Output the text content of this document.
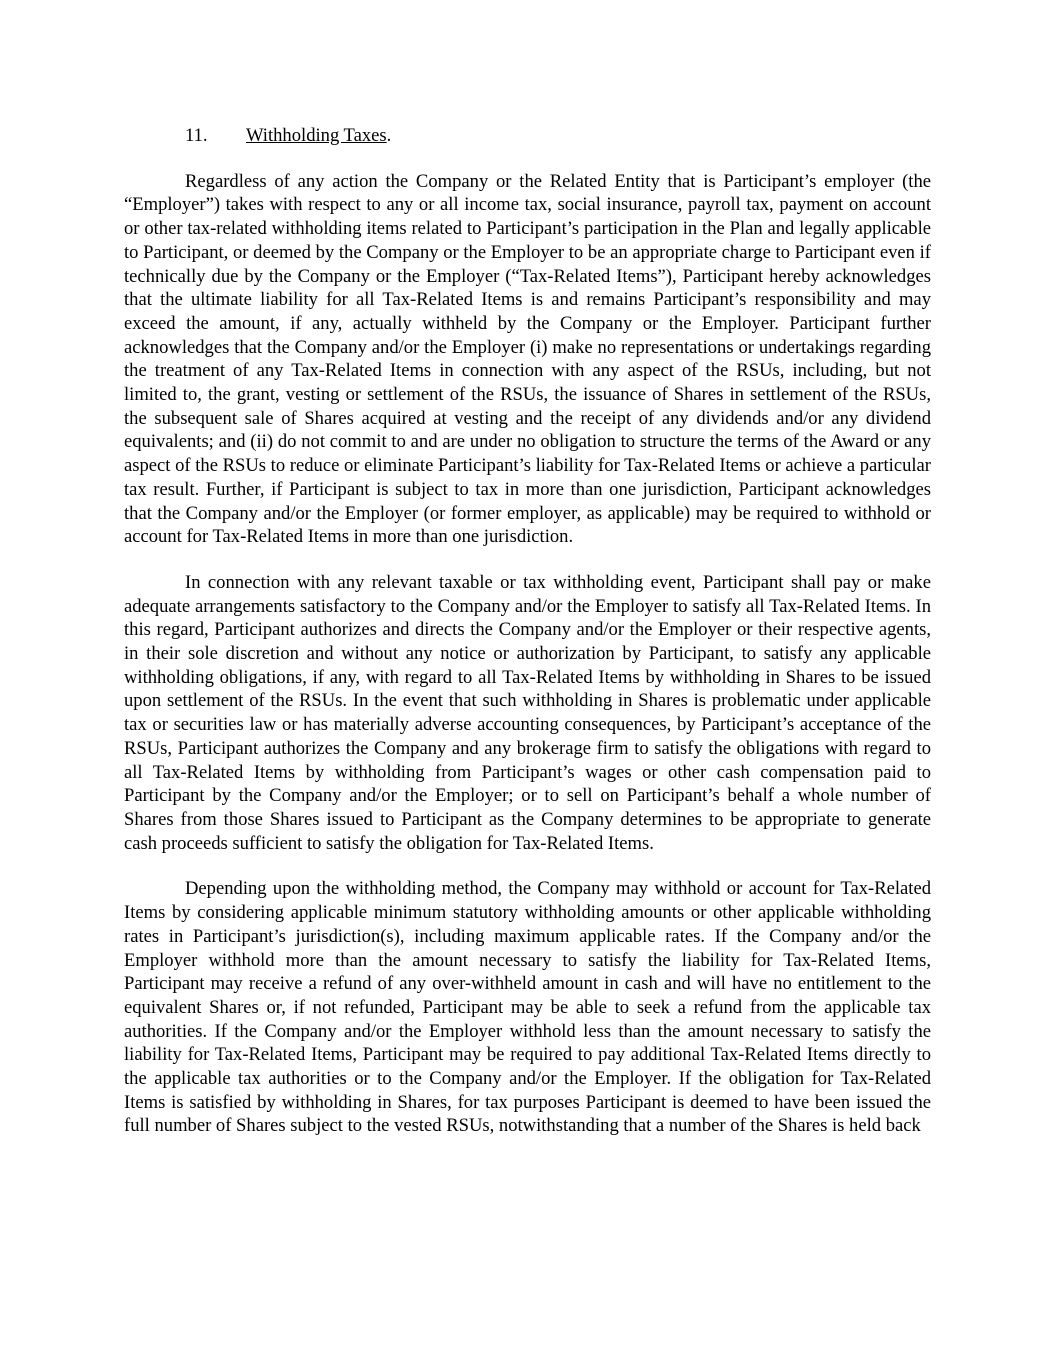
11. Withholding Taxes.

Regardless of any action the Company or the Related Entity that is Participant’s employer (the “Employer”) takes with respect to any or all income tax, social insurance, payroll tax, payment on account or other tax-related withholding items related to Participant’s participation in the Plan and legally applicable to Participant, or deemed by the Company or the Employer to be an appropriate charge to Participant even if technically due by the Company or the Employer (“Tax-Related Items”), Participant hereby acknowledges that the ultimate liability for all Tax-Related Items is and remains Participant’s responsibility and may exceed the amount, if any, actually withheld by the Company or the Employer. Participant further acknowledges that the Company and/or the Employer (i) make no representations or undertakings regarding the treatment of any Tax-Related Items in connection with any aspect of the RSUs, including, but not limited to, the grant, vesting or settlement of the RSUs, the issuance of Shares in settlement of the RSUs, the subsequent sale of Shares acquired at vesting and the receipt of any dividends and/or any dividend equivalents; and (ii) do not commit to and are under no obligation to structure the terms of the Award or any aspect of the RSUs to reduce or eliminate Participant’s liability for Tax-Related Items or achieve a particular tax result. Further, if Participant is subject to tax in more than one jurisdiction, Participant acknowledges that the Company and/or the Employer (or former employer, as applicable) may be required to withhold or account for Tax-Related Items in more than one jurisdiction.

In connection with any relevant taxable or tax withholding event, Participant shall pay or make adequate arrangements satisfactory to the Company and/or the Employer to satisfy all Tax-Related Items. In this regard, Participant authorizes and directs the Company and/or the Employer or their respective agents, in their sole discretion and without any notice or authorization by Participant, to satisfy any applicable withholding obligations, if any, with regard to all Tax-Related Items by withholding in Shares to be issued upon settlement of the RSUs. In the event that such withholding in Shares is problematic under applicable tax or securities law or has materially adverse accounting consequences, by Participant’s acceptance of the RSUs, Participant authorizes the Company and any brokerage firm to satisfy the obligations with regard to all Tax-Related Items by withholding from Participant’s wages or other cash compensation paid to Participant by the Company and/or the Employer; or to sell on Participant’s behalf a whole number of Shares from those Shares issued to Participant as the Company determines to be appropriate to generate cash proceeds sufficient to satisfy the obligation for Tax-Related Items.

Depending upon the withholding method, the Company may withhold or account for Tax-Related Items by considering applicable minimum statutory withholding amounts or other applicable withholding rates in Participant’s jurisdiction(s), including maximum applicable rates. If the Company and/or the Employer withhold more than the amount necessary to satisfy the liability for Tax-Related Items, Participant may receive a refund of any over-withheld amount in cash and will have no entitlement to the equivalent Shares or, if not refunded, Participant may be able to seek a refund from the applicable tax authorities. If the Company and/or the Employer withhold less than the amount necessary to satisfy the liability for Tax-Related Items, Participant may be required to pay additional Tax-Related Items directly to the applicable tax authorities or to the Company and/or the Employer. If the obligation for Tax-Related Items is satisfied by withholding in Shares, for tax purposes Participant is deemed to have been issued the full number of Shares subject to the vested RSUs, notwithstanding that a number of the Shares is held back
